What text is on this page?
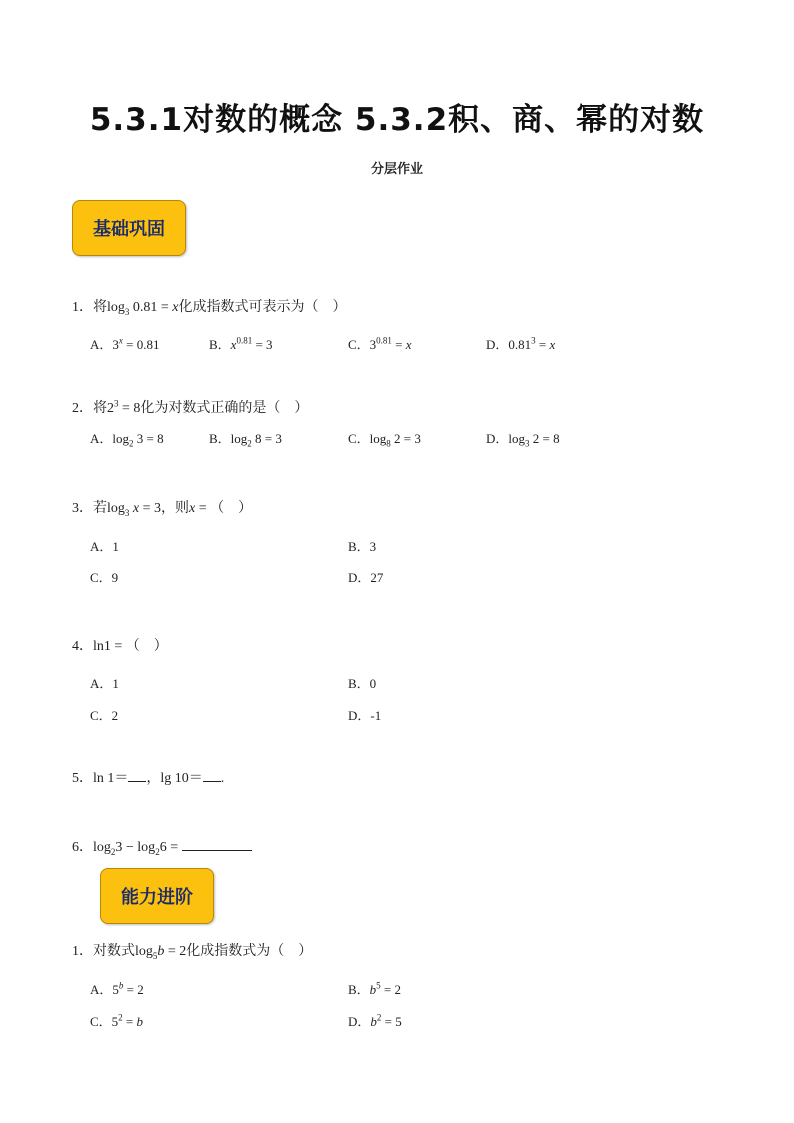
5.3.1对数的概念 5.3.2积、商、幂的对数
分层作业
基础巩固
1．将$\log_3 0.81 = x$化成指数式可表示为（　）
A．$3^x = 0.81$	B．$x^{0.81} = 3$	C．$3^{0.81} = x$	D．$0.81^3 = x$
2．将$2^3 = 8$化为对数式正确的是（　）
A．$\log_2 3 = 8$	B．$\log_2 8 = 3$	C．$\log_8 2 = 3$	D．$\log_3 2 = 8$
3．若$\log_3 x = 3$，则x = （　）
A．1	B．3
C．9	D．27
4．ln1 = （　）
A．1	B．0
C．2	D．-1
5．ln 1＝ ，lg 10＝ .
6．$\log_23 - \log_26$ =
能力进阶
1．对数式$\log_5b = 2$化成指数式为（　）
A．$5^b = 2$	B．$b^5 = 2$
C．$5^2 = b$	D．$b^2 = 5$
